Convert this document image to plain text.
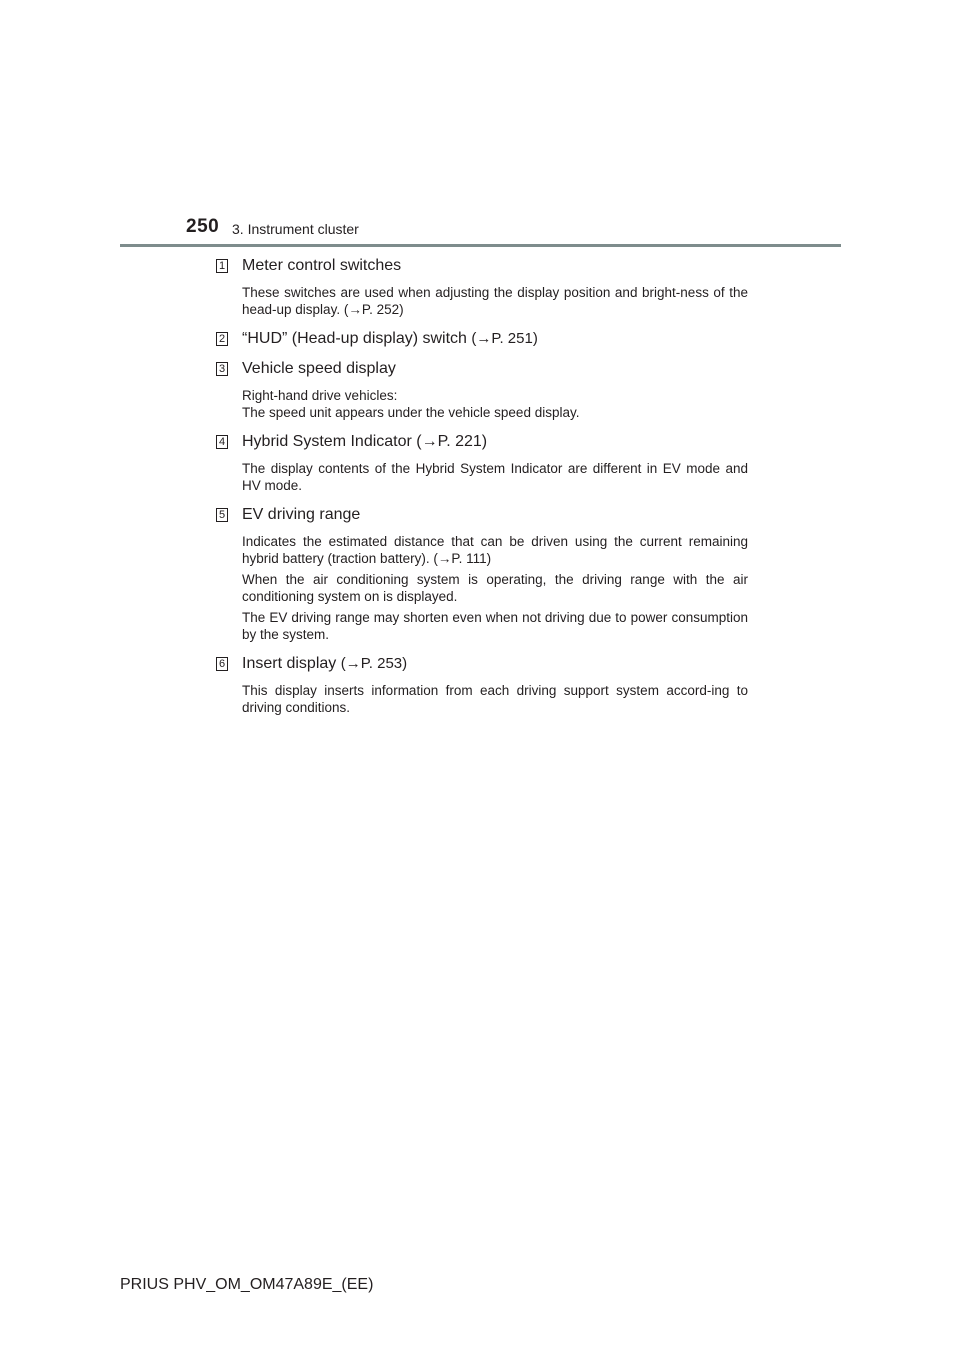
250 3. Instrument cluster
1 Meter control switches

These switches are used when adjusting the display position and bright-ness of the head-up display. (→P. 252)

2 “HUD” (Head-up display) switch (→P. 251)
3 Vehicle speed display

Right-hand drive vehicles:
The speed unit appears under the vehicle speed display.

4 Hybrid System Indicator (→P. 221)

The display contents of the Hybrid System Indicator are different in EV mode and HV mode.

5 EV driving range

Indicates the estimated distance that can be driven using the current remaining hybrid battery (traction battery). (→P. 111)

When the air conditioning system is operating, the driving range with the air conditioning system on is displayed.

The EV driving range may shorten even when not driving due to power consumption by the system.

6 Insert display (→P. 253)

This display inserts information from each driving support system accord-ing to driving conditions.

PRIUS PHV_OM_OM47A89E_(EE)
